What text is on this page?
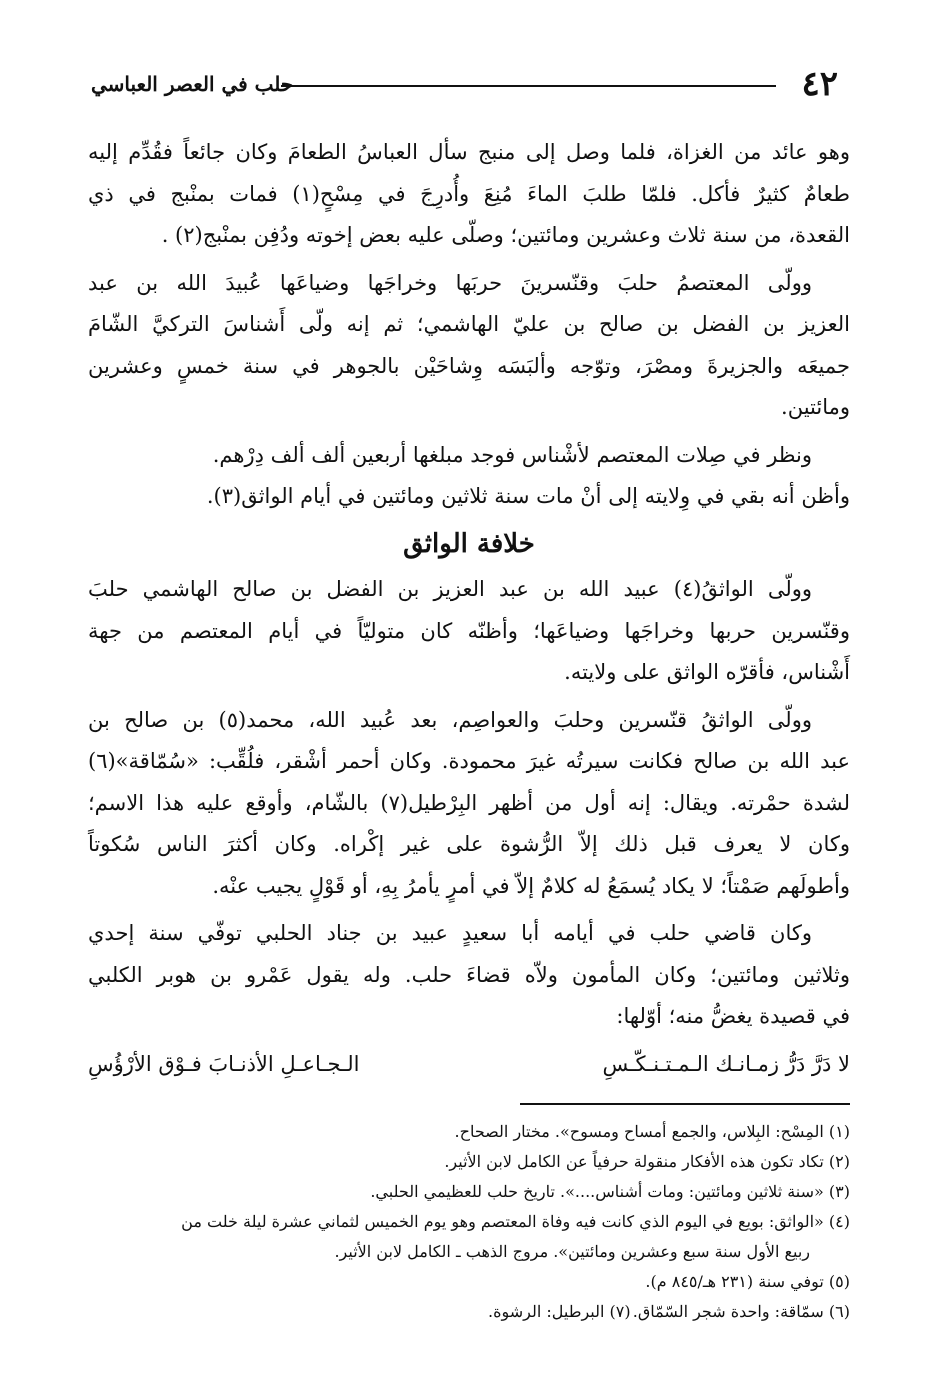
٤٢
حلب في العصر العباسي

وهو عائد من الغزاة، فلما وصل إلى منبج سأل العباسُ الطعامَ وكان جائعاً فقُدِّم إليه
طعامٌ كثيرٌ فأكل. فلمّا طلبَ الماءَ مُنِعَ وأُدرِجَ في مِسْحٍ(١) فمات بمنْبج في ذي
القعدة، من سنة ثلاث وعشرين ومائتين؛ وصلّى عليه بعض إخوته ودُفِن بمنْبج(٢) .

وولّى المعتصمُ حلبَ وقنّسرينَ حربَها وخراجَها وضياعَها عُبيدَ الله بن عبد
العزيز بن الفضل بن صالح بن عليّ الهاشمي؛ ثم إنه ولّى أَشناسَ التركيَّ الشّامَ
جميعَه والجزيرةَ ومصْرَ، وتوّجه وألبَسَه وِشاحَيْن بالجوهر في سنة خمسٍ وعشرين
ومائتين.

ونظر في صِلات المعتصم لأشْناس فوجد مبلغها أربعين ألف ألف دِرْهم.
وأظن أنه بقي في وِلايته إلى أنْ مات سنة ثلاثين ومائتين في أيام الواثق(٣).

خلافة الواثق

وولّى الواثقُ(٤) عبيد الله بن عبد العزيز بن الفضل بن صالح الهاشمي حلبَ
وقنّسرين حربها وخراجَها وضياعَها؛ وأظنّه كان متوليّاً في أيام المعتصم من جهة
أَشْناس، فأقرّه الواثق على ولايته.

وولّى الواثقُ قنّسرين وحلبَ والعواصِم، بعد عُبيد الله، محمد(٥) بن صالح بن
عبد الله بن صالح فكانت سيرتُه غيرَ محمودة. وكان أحمر أشْقر، فلُقِّب: «سُمّاقة»(٦)
لشدة حمْرته. ويقال: إنه أول من أظهر البِرْطيل(٧) بالشّام، وأوقع عليه هذا الاسم؛
وكان لا يعرف قبل ذلك إلاّ الرُّشوة على غير إكْراه. وكان أكثرَ الناس سُكوتاً
وأطولَهم صَمْتاً؛ لا يكاد يُسمَعُ له كلامٌ إلاّ في أمرٍ يأمرُ بِهِ، أو قَوْلٍ يجيب عنْه.

وكان قاضي حلب في أيامه أبا سعيدٍ عبيد بن جناد الحلبي توفّي سنة إحدي
وثلاثين ومائتين؛ وكان المأمون ولاّه قضاءَ حلب. وله يقول عَمْرو بن هوبر الكلبي
في قصيدة يغضُّ منه؛ أوّلها:

لا دَرَّ دَرُّ زمـانـك الـمـتـنـكّـسِ
الـجـاعـلِ الأذنـابَ فـوْق الأرْؤُسِ
(١) المِسْح: البِلاس، والجمع أمساح ومسوح». مختار الصحاح.
(٢) تكاد تكون هذه الأفكار منقولة حرفياً عن الكامل لابن الأثير.
(٣) «سنة ثلاثين ومائتين: ومات أشناس....». تاريخ حلب للعظيمي الحلبي.
(٤) «الواثق: بويع في اليوم الذي كانت فيه وفاة المعتصم وهو يوم الخميس لثماني عشرة ليلة خلت من
ربيع الأول سنة سبع وعشرين ومائتين». مروج الذهب ـ الكامل لابن الأثير.
(٥) توفي سنة (٢٣١ هـ/٨٤٥ م).
(٦) سمّاقة: واحدة شجر السّمّاق.
(٧) البرطيل: الرشوة.
